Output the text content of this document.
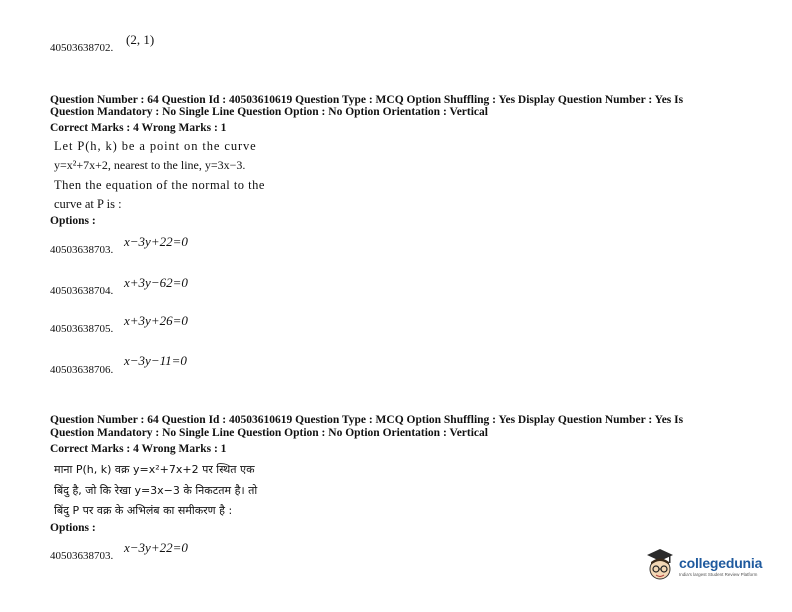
40503638702.
(2, 1)
Question Number : 64 Question Id : 40503610619 Question Type : MCQ Option Shuffling : Yes Display Question Number : Yes Is
Question Mandatory : No Single Line Question Option : No Option Orientation : Vertical
Correct Marks : 4 Wrong Marks : 1
Let P(h, k) be a point on the curve
y=x²+7x+2, nearest to the line, y=3x−3.
Then the equation of the normal to the
curve at P is :
Options :
40503638703.
x−3y+22=0
40503638704.
x+3y−62=0
40503638705.
x+3y+26=0
40503638706.
x−3y−11=0
Question Number : 64 Question Id : 40503610619 Question Type : MCQ Option Shuffling : Yes Display Question Number : Yes Is
Question Mandatory : No Single Line Question Option : No Option Orientation : Vertical
Correct Marks : 4 Wrong Marks : 1
माना P(h, k) वक्र y=x²+7x+2 पर स्थित एक
बिंदु है, जो कि रेखा y=3x−3 के निकटतम है। तो
बिंदु P पर वक्र के अभिलंब का समीकरण है :
Options :
40503638703.
x−3y+22=0
collegedunia
India's largest Student Review Platform
